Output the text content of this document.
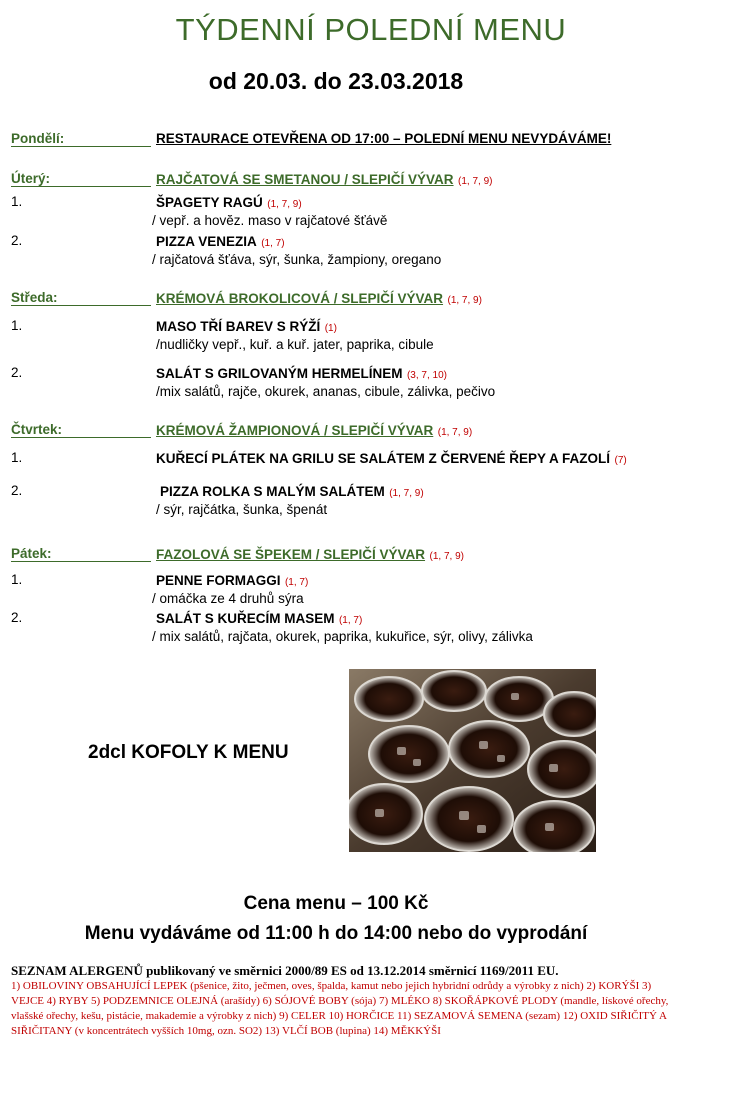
TÝDENNÍ POLEDNÍ MENU
od 20.03. do 23.03.2018
Pondělí:	RESTAURACE OTEVŘENA OD 17:00 – POLEDNÍ MENU NEVYDÁVÁME!
Úterý:	RAJČATOVÁ SE SMETANOU / SLEPIČÍ VÝVAR (1, 7, 9)
1.	ŠPAGETY RAGÚ (1, 7, 9)
/ vepř. a hovĕz. maso v rajčatové šťávě
2.	PIZZA VENEZIA (1, 7)
/ rajčatová šťáva, sýr, šunka, žampiony, oregano
Středa:	KRÉMOVÁ BROKOLICOVÁ / SLEPIČÍ VÝVAR (1, 7, 9)
1.	MASO TŘÍ BAREV S RÝŽÍ (1)
/nudličky vepř., kuř. a kuř. jater, paprika, cibule
2.	SALÁT S GRILOVANÝM HERMELÍNEM (3, 7, 10)
/mix salátů, rajče, okurek, ananas, cibule, zálivka, pečivo
Čtvrtek:	KRÉMOVÁ ŽAMPIONOVÁ / SLEPIČÍ VÝVAR (1, 7, 9)
1.	KUŘECÍ PLÁTEK NA GRILU SE SALÁTEM Z ČERVENÉ ŘEPY A FAZOLÍ (7)
2.	PIZZA ROLKA S MALÝM SALÁTEM (1, 7, 9)
/ sýr, rajčátka, šunka, špenát
Pátek:	FAZOLOVÁ SE ŠPEKEM / SLEPIČÍ VÝVAR (1, 7, 9)
1.	PENNE FORMAGGI (1, 7)
/ omáčka ze 4 druhů sýra
2.	SALÁT S KUŘECÍM MASEM (1, 7)
/ mix salátů, rajčata, okurek, paprika, kukuřice, sýr, olivy, zálivka
2dcl KOFOLY K MENU
Cena menu – 100 Kč
Menu vydáváme od 11:00 h do 14:00 nebo do vyprodání
SEZNAM ALERGENŮ publikovaný ve směrnici 2000/89 ES od 13.12.2014 směrnicí 1169/2011 EU.
1) OBILOVINY OBSAHUJÍCÍ LEPEK (pšenice, žito, ječmen, oves, špalda, kamut nebo jejich hybridní odrůdy a výrobky z nich) 2) KORÝŠI 3) VEJCE 4) RYBY 5) PODZEMNICE OLEJNÁ (arašídy) 6) SÓJOVÉ BOBY (sója) 7) MLÉKO 8) SKOŘÁPKOVÉ PLODY (mandle, lískové ořechy, vlašské ořechy, kešu, pistácie, makademie a výrobky z nich) 9) CELER 10) HORČICE 11) SEZAMOVÁ SEMENA (sezam) 12) OXID SIŘIČITÝ A SIŘIČITANY (v koncentrátech vyšších 10mg, ozn. SO2) 13) VLČÍ BOB (lupina) 14) MĚKKÝŠI
